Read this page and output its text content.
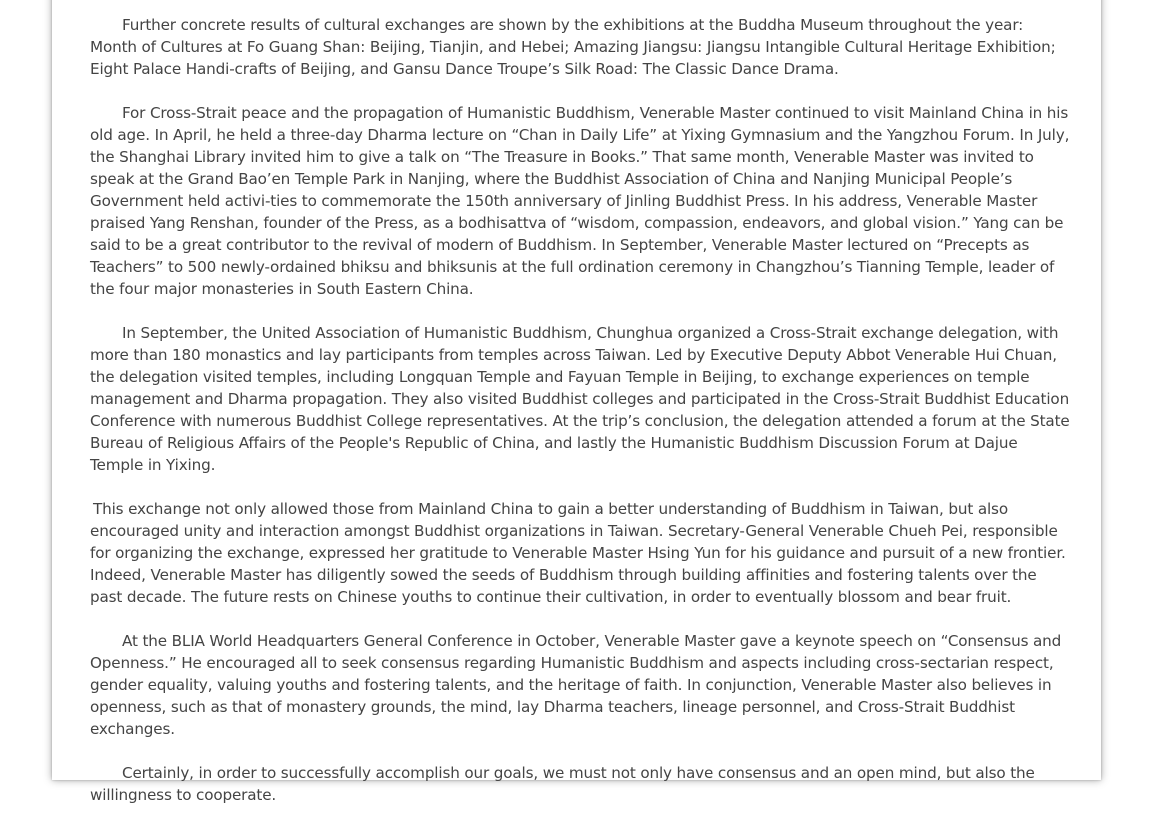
Further concrete results of cultural exchanges are shown by the exhibitions at the Buddha Museum throughout the year: Month of Cultures at Fo Guang Shan: Beijing, Tianjin, and Hebei; Amazing Jiangsu: Jiangsu Intangible Cultural Heritage Exhibition; Eight Palace Handi-crafts of Beijing, and Gansu Dance Troupe’s Silk Road: The Classic Dance Drama.

For Cross-Strait peace and the propagation of Humanistic Buddhism, Venerable Master continued to visit Mainland China in his old age. In April, he held a three-day Dharma lecture on “Chan in Daily Life” at Yixing Gymnasium and the Yangzhou Forum. In July, the Shanghai Library invited him to give a talk on “The Treasure in Books.” That same month, Venerable Master was invited to speak at the Grand Bao’en Temple Park in Nanjing, where the Buddhist Association of China and Nanjing Municipal People’s Government held activi-ties to commemorate the 150th anniversary of Jinling Buddhist Press. In his address, Venerable Master praised Yang Renshan, founder of the Press, as a bodhisattva of “wisdom, compassion, endeavors, and global vision.” Yang can be said to be a great contributor to the revival of modern of Buddhism. In September, Venerable Master lectured on “Precepts as Teachers” to 500 newly-ordained bhiksu and bhiksunis at the full ordination ceremony in Changzhou’s Tianning Temple, leader of the four major monasteries in South Eastern China.

In September, the United Association of Humanistic Buddhism, Chunghua organized a Cross-Strait exchange delegation, with more than 180 monastics and lay participants from temples across Taiwan. Led by Executive Deputy Abbot Venerable Hui Chuan, the delegation visited temples, including Longquan Temple and Fayuan Temple in Beijing, to exchange experiences on temple management and Dharma propagation. They also visited Buddhist colleges and participated in the Cross-Strait Buddhist Education Conference with numerous Buddhist College representatives. At the trip’s conclusion, the delegation attended a forum at the State Bureau of Religious Affairs of the People's Republic of China, and lastly the Humanistic Buddhism Discussion Forum at Dajue Temple in Yixing.

This exchange not only allowed those from Mainland China to gain a better understanding of Buddhism in Taiwan, but also encouraged unity and interaction amongst Buddhist organizations in Taiwan. Secretary-General Venerable Chueh Pei, responsible for organizing the exchange, expressed her gratitude to Venerable Master Hsing Yun for his guidance and pursuit of a new frontier. Indeed, Venerable Master has diligently sowed the seeds of Buddhism through building affinities and fostering talents over the past decade. The future rests on Chinese youths to continue their cultivation, in order to eventually blossom and bear fruit.

At the BLIA World Headquarters General Conference in October, Venerable Master gave a keynote speech on “Consensus and Openness.” He encouraged all to seek consensus regarding Humanistic Buddhism and aspects including cross-sectarian respect, gender equality, valuing youths and fostering talents, and the heritage of faith. In conjunction, Venerable Master also believes in openness, such as that of monastery grounds, the mind, lay Dharma teachers, lineage personnel, and Cross-Strait Buddhist exchanges.

Certainly, in order to successfully accomplish our goals, we must not only have consensus and an open mind, but also the willingness to cooperate.
